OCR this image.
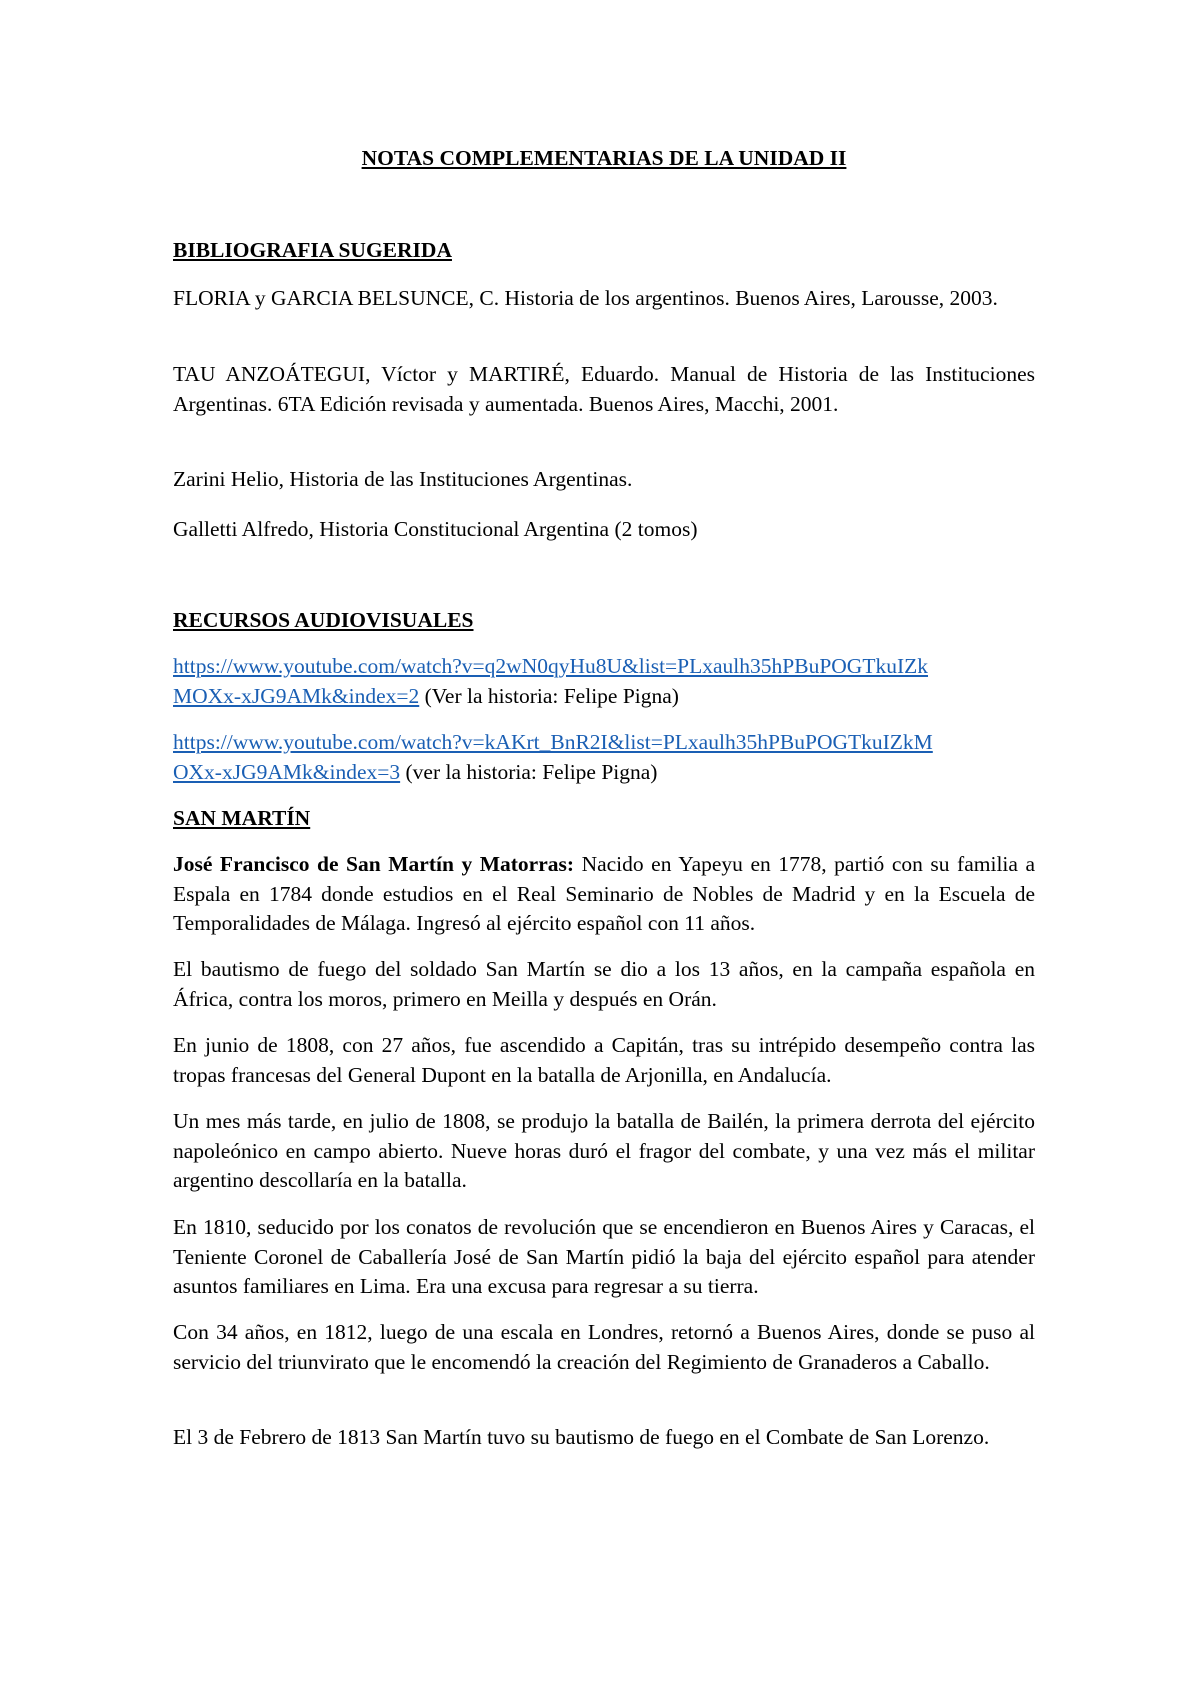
NOTAS COMPLEMENTARIAS DE LA UNIDAD II
BIBLIOGRAFIA SUGERIDA

FLORIA y GARCIA BELSUNCE, C. Historia de los argentinos. Buenos Aires, Larousse, 2003.

TAU ANZOÁTEGUI, Víctor y MARTIRÉ, Eduardo. Manual de Historia de las Instituciones Argentinas. 6TA Edición revisada y aumentada. Buenos Aires, Macchi, 2001.

Zarini Helio, Historia de las Instituciones Argentinas.

Galletti Alfredo, Historia Constitucional Argentina (2 tomos)

RECURSOS AUDIOVISUALES

https://www.youtube.com/watch?v=q2wN0qyHu8U&list=PLxaulh35hPBuPOGTkuIZk
MOXx-xJG9AMk&index=2 (Ver la historia: Felipe Pigna)

https://www.youtube.com/watch?v=kAKrt_BnR2I&list=PLxaulh35hPBuPOGTkuIZkM
OXx-xJG9AMk&index=3 (ver la historia: Felipe Pigna)

SAN MARTÍN

José Francisco de San Martín y Matorras: Nacido en Yapeyu en 1778, partió con su familia a Espala en 1784 donde estudios en el Real Seminario de Nobles de Madrid y en la Escuela de Temporalidades de Málaga. Ingresó al ejército español con 11 años.

El bautismo de fuego del soldado San Martín se dio a los 13 años, en la campaña española en África, contra los moros, primero en Meilla y después en Orán.

En junio de 1808, con 27 años, fue ascendido a Capitán, tras su intrépido desempeño contra las tropas francesas del General Dupont en la batalla de Arjonilla, en Andalucía.

Un mes más tarde, en julio de 1808, se produjo la batalla de Bailén, la primera derrota del ejército napoleónico en campo abierto. Nueve horas duró el fragor del combate, y una vez más el militar argentino descollaría en la batalla.

En 1810, seducido por los conatos de revolución que se encendieron en Buenos Aires y Caracas, el Teniente Coronel de Caballería José de San Martín pidió la baja del ejército español para atender asuntos familiares en Lima. Era una excusa para regresar a su tierra.

Con 34 años, en 1812, luego de una escala en Londres, retornó a Buenos Aires, donde se puso al servicio del triunvirato que le encomendó la creación del Regimiento de Granaderos a Caballo.

El 3 de Febrero de 1813 San Martín tuvo su bautismo de fuego en el Combate de San Lorenzo.
